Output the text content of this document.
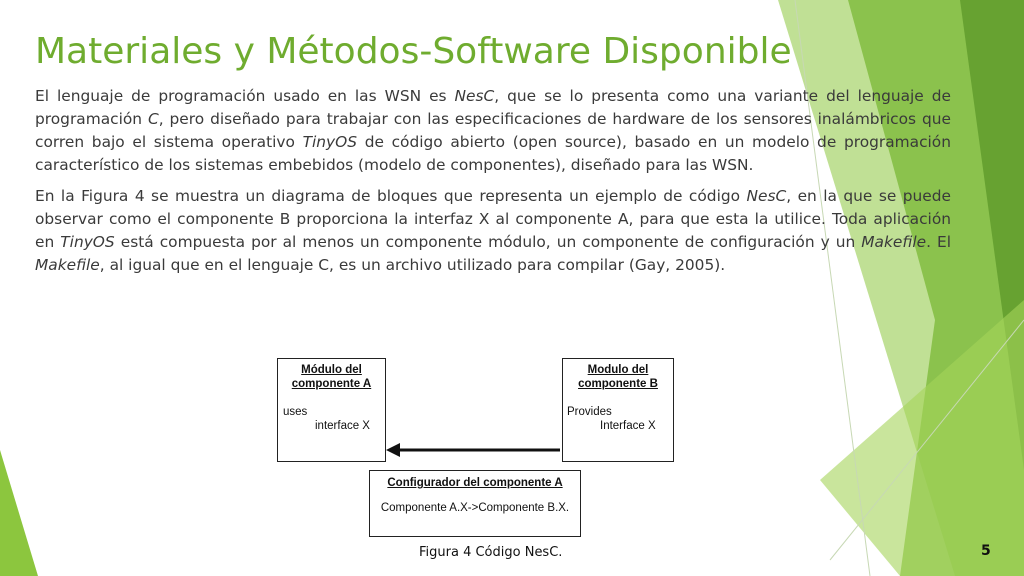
Materiales y Métodos-Software Disponible

El lenguaje de programación usado en las WSN es NesC, que se lo presenta como una variante del lenguaje de programación C, pero diseñado para trabajar con las especificaciones de hardware de los sensores inalámbricos que corren bajo el sistema operativo TinyOS de código abierto (open source), basado en un modelo de programación característico de los sistemas embebidos (modelo de componentes), diseñado para las WSN.

En la Figura 4 se muestra un diagrama de bloques que representa un ejemplo de código NesC, en la que se puede observar como el componente B proporciona la interfaz X al componente A, para que esta la utilice. Toda aplicación en TinyOS está compuesta por al menos un componente módulo, un componente de configuración y un Makefile. El Makefile, al igual que en el lenguaje C, es un archivo utilizado para compilar (Gay, 2005).

Módulo del
componente A
uses
interface X
Modulo del
componente B
Provides
Interface X
Configurador del componente A
Componente A.X->Componente B.X.
Figura 4 Código NesC.	5
